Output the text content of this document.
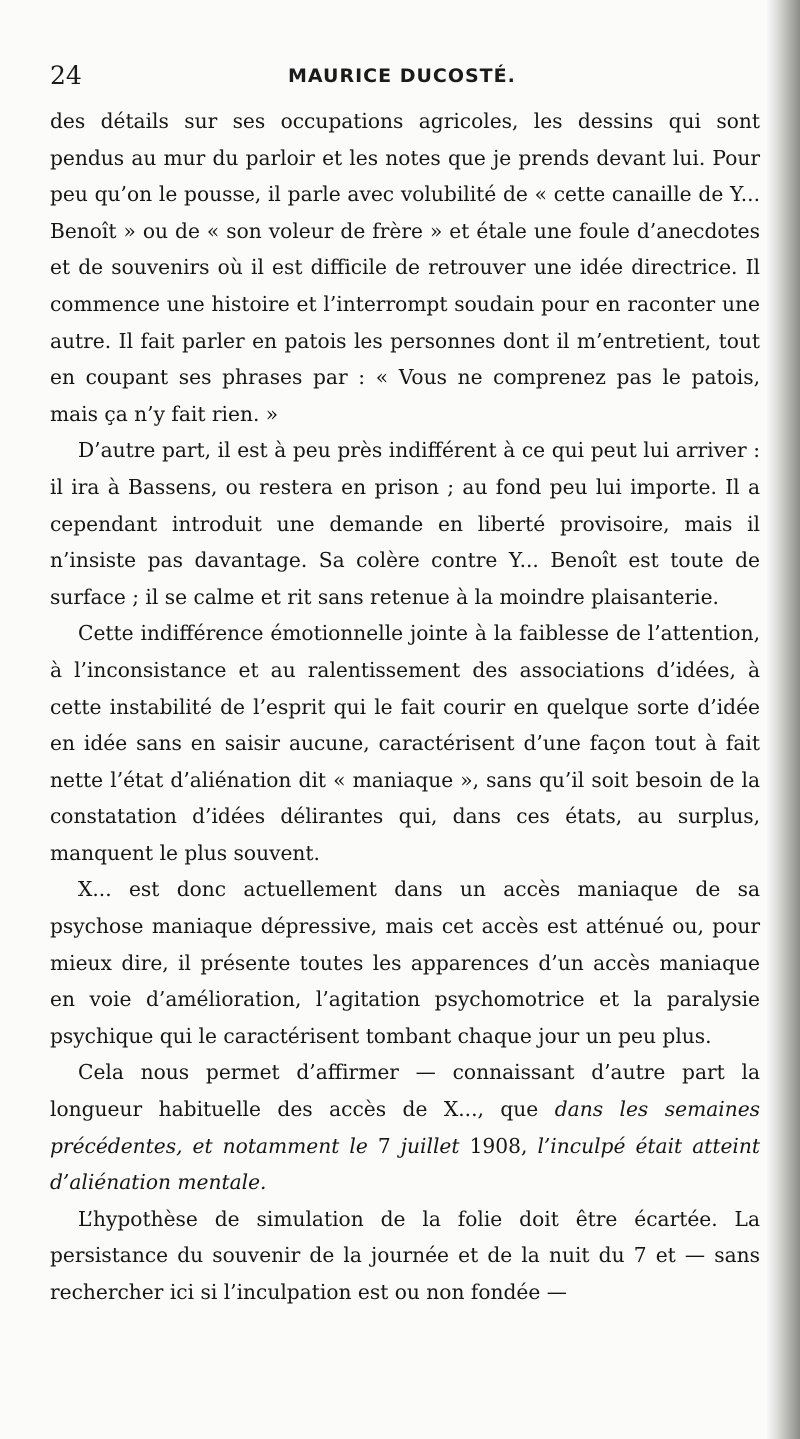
24	MAURICE DUCOSTÉ.

des détails sur ses occupations agricoles, les dessins qui sont pendus au mur du parloir et les notes que je prends devant lui. Pour peu qu’on le pousse, il parle avec volubilité de « cette canaille de Y... Benoît » ou de « son voleur de frère » et étale une foule d’anecdotes et de souvenirs où il est difficile de retrouver une idée directrice. Il commence une histoire et l’interrompt soudain pour en raconter une autre. Il fait parler en patois les personnes dont il m’entretient, tout en coupant ses phrases par : « Vous ne comprenez pas le patois, mais ça n’y fait rien. »

D’autre part, il est à peu près indifférent à ce qui peut lui arriver : il ira à Bassens, ou restera en prison ; au fond peu lui importe. Il a cependant introduit une demande en liberté provisoire, mais il n’insiste pas davantage. Sa colère contre Y... Benoît est toute de surface ; il se calme et rit sans retenue à la moindre plaisanterie.

Cette indifférence émotionnelle jointe à la faiblesse de l’attention, à l’inconsistance et au ralentissement des associations d’idées, à cette instabilité de l’esprit qui le fait courir en quelque sorte d’idée en idée sans en saisir aucune, caractérisent d’une façon tout à fait nette l’état d’aliénation dit « maniaque », sans qu’il soit besoin de la constatation d’idées délirantes qui, dans ces états, au surplus, manquent le plus souvent.

X... est donc actuellement dans un accès maniaque de sa psychose maniaque dépressive, mais cet accès est atténué ou, pour mieux dire, il présente toutes les apparences d’un accès maniaque en voie d’amélioration, l’agitation psychomotrice et la paralysie psychique qui le caractérisent tombant chaque jour un peu plus.

Cela nous permet d’affirmer — connaissant d’autre part la longueur habituelle des accès de X..., que dans les semaines précédentes, et notamment le 7 juillet 1908, l’inculpé était atteint d’aliénation mentale.

L’hypothèse de simulation de la folie doit être écartée. La persistance du souvenir de la journée et de la nuit du 7 et — sans rechercher ici si l’inculpation est ou non fondée —
